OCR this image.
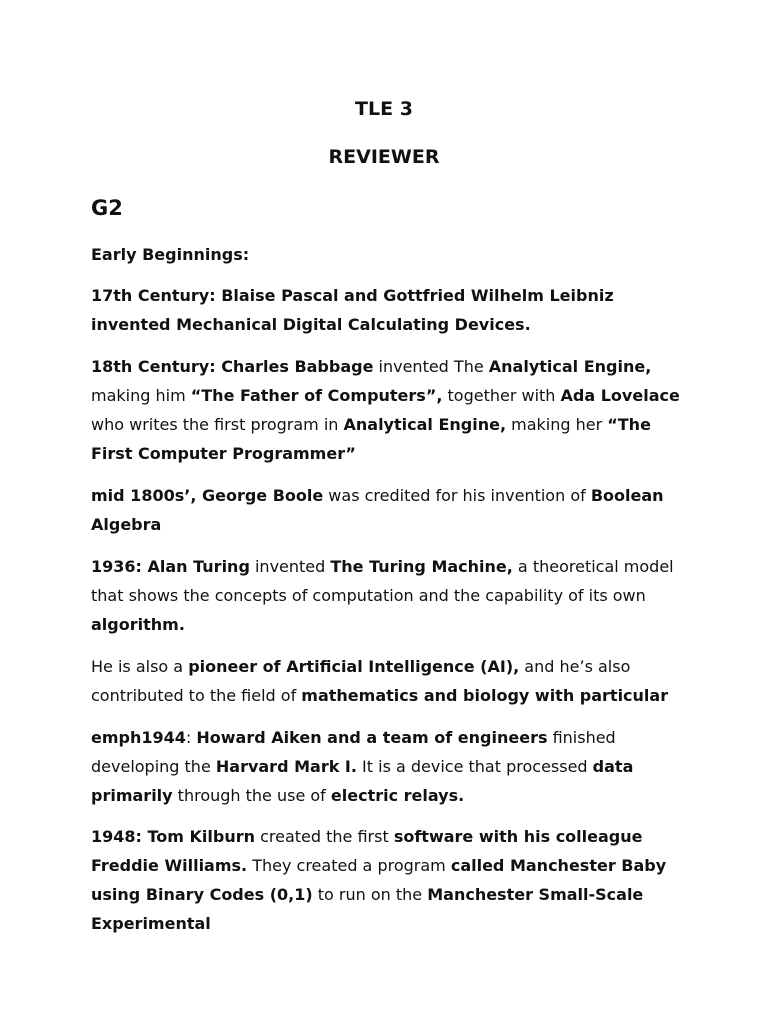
TLE 3
REVIEWER
G2

Early Beginnings:

17th Century: Blaise Pascal and Gottfried Wilhelm Leibniz invented Mechanical Digital Calculating Devices.

18th Century: Charles Babbage invented The Analytical Engine, making him “The Father of Computers”, together with Ada Lovelace who writes the first program in Analytical Engine, making her “The First Computer Programmer”

mid 1800s’, George Boole was credited for his invention of Boolean Algebra

1936: Alan Turing invented The Turing Machine, a theoretical model that shows the concepts of computation and the capability of its own algorithm.

He is also a pioneer of Artificial Intelligence (AI), and he’s also contributed to the field of mathematics and biology with particular

emph1944: Howard Aiken and a team of engineers finished developing the Harvard Mark I. It is a device that processed data primarily through the use of electric relays.

1948: Tom Kilburn created the first software with his colleague Freddie Williams. They created a program called Manchester Baby using Binary Codes (0,1) to run on the Manchester Small-Scale Experimental
